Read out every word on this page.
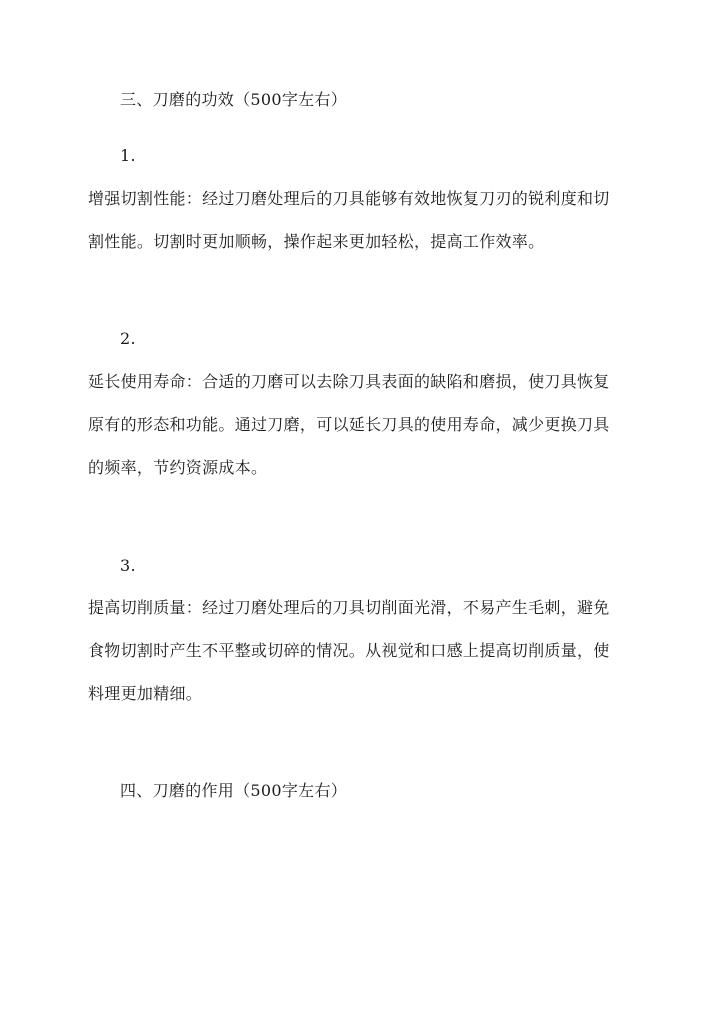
三、刀磨的功效（500字左右）
1.
增强切割性能：经过刀磨处理后的刀具能够有效地恢复刀刃的锐利度和切
割性能。切割时更加顺畅，操作起来更加轻松，提高工作效率。
2.
延长使用寿命：合适的刀磨可以去除刀具表面的缺陷和磨损，使刀具恢复
原有的形态和功能。通过刀磨，可以延长刀具的使用寿命，减少更换刀具
的频率，节约资源成本。
3.
提高切削质量：经过刀磨处理后的刀具切削面光滑，不易产生毛刺，避免
食物切割时产生不平整或切碎的情况。从视觉和口感上提高切削质量，使
料理更加精细。
四、刀磨的作用（500字左右）
